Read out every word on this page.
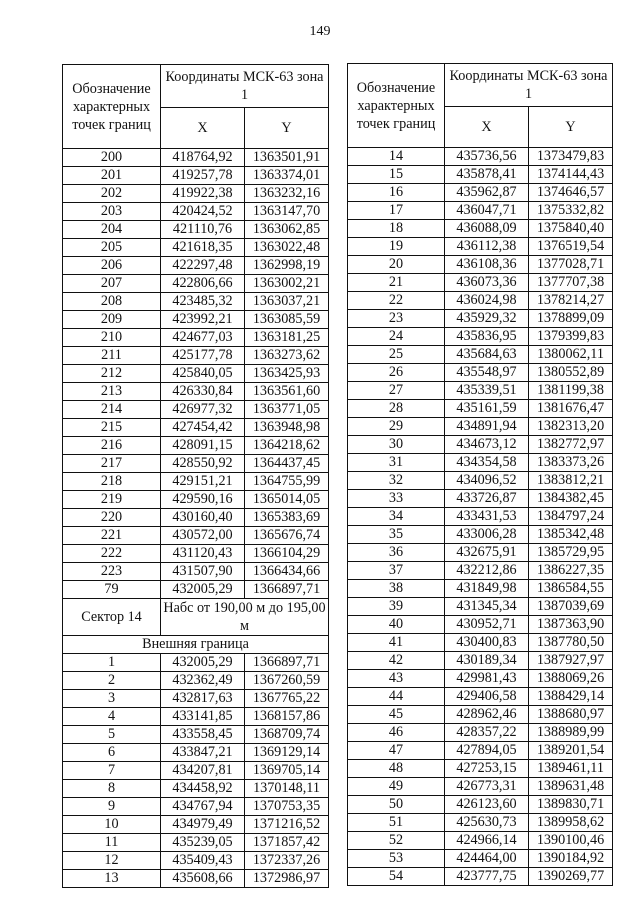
149
Обозначение характерных точек границ	Координаты МСК-63 зона 1	
	X	Y
200	418764,92	1363501,91
201	419257,78	1363374,01
202	419922,38	1363232,16
203	420424,52	1363147,70
204	421110,76	1363062,85
205	421618,35	1363022,48
206	422297,48	1362998,19
207	422806,66	1363002,21
208	423485,32	1363037,21
209	423992,21	1363085,59
210	424677,03	1363181,25
211	425177,78	1363273,62
212	425840,05	1363425,93
213	426330,84	1363561,60
214	426977,32	1363771,05
215	427454,42	1363948,98
216	428091,15	1364218,62
217	428550,92	1364437,45
218	429151,21	1364755,99
219	429590,16	1365014,05
220	430160,40	1365383,69
221	430572,00	1365676,74
222	431120,43	1366104,29
223	431507,90	1366434,66
79	432005,29	1366897,71
Сектор 14	Набс от 190,00 м до 195,00 м	
Внешняя граница		
1	432005,29	1366897,71
2	432362,49	1367260,59
3	432817,63	1367765,22
4	433141,85	1368157,86
5	433558,45	1368709,74
6	433847,21	1369129,14
7	434207,81	1369705,14
8	434458,92	1370148,11
9	434767,94	1370753,35
10	434979,49	1371216,52
11	435239,05	1371857,42
12	435409,43	1372337,26
13	435608,66	1372986,97
Обозначение характерных точек границ	Координаты МСК-63 зона 1	
	X	Y
14	435736,56	1373479,83
15	435878,41	1374144,43
16	435962,87	1374646,57
17	436047,71	1375332,82
18	436088,09	1375840,40
19	436112,38	1376519,54
20	436108,36	1377028,71
21	436073,36	1377707,38
22	436024,98	1378214,27
23	435929,32	1378899,09
24	435836,95	1379399,83
25	435684,63	1380062,11
26	435548,97	1380552,89
27	435339,51	1381199,38
28	435161,59	1381676,47
29	434891,94	1382313,20
30	434673,12	1382772,97
31	434354,58	1383373,26
32	434096,52	1383812,21
33	433726,87	1384382,45
34	433431,53	1384797,24
35	433006,28	1385342,48
36	432675,91	1385729,95
37	432212,86	1386227,35
38	431849,98	1386584,55
39	431345,34	1387039,69
40	430952,71	1387363,90
41	430400,83	1387780,50
42	430189,34	1387927,97
43	429981,43	1388069,26
44	429406,58	1388429,14
45	428962,46	1388680,97
46	428357,22	1388989,99
47	427894,05	1389201,54
48	427253,15	1389461,11
49	426773,31	1389631,48
50	426123,60	1389830,71
51	425630,73	1389958,62
52	424966,14	1390100,46
53	424464,00	1390184,92
54	423777,75	1390269,77
